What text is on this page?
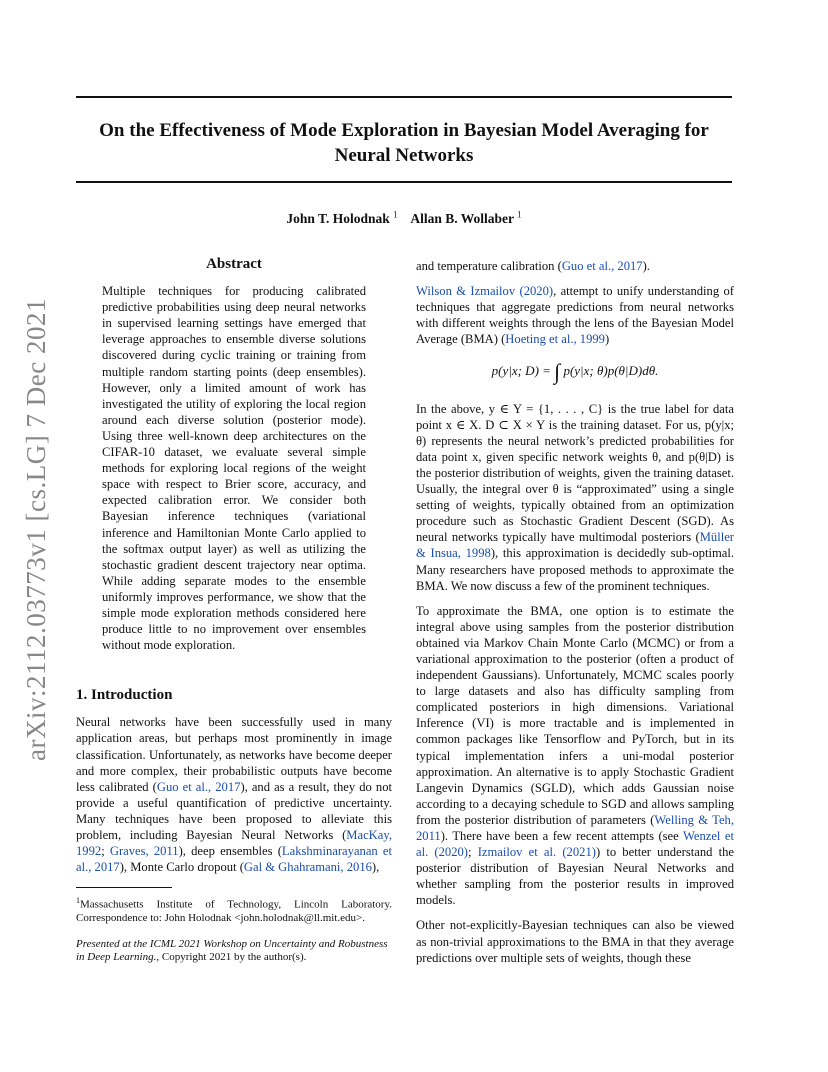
arXiv:2112.03773v1 [cs.LG] 7 Dec 2021
On the Effectiveness of Mode Exploration in Bayesian Model Averaging for Neural Networks
John T. Holodnak $^1$ Allan B. Wollaber $^1$
Abstract

Multiple techniques for producing calibrated predictive probabilities using deep neural networks in supervised learning settings have emerged that leverage approaches to ensemble diverse solutions discovered during cyclic training or training from multiple random starting points (deep ensembles). However, only a limited amount of work has investigated the utility of exploring the local region around each diverse solution (posterior mode). Using three well-known deep architectures on the CIFAR-10 dataset, we evaluate several simple methods for exploring local regions of the weight space with respect to Brier score, accuracy, and expected calibration error. We consider both Bayesian inference techniques (variational inference and Hamiltonian Monte Carlo applied to the softmax output layer) as well as utilizing the stochastic gradient descent trajectory near optima. While adding separate modes to the ensemble uniformly improves performance, we show that the simple mode exploration methods considered here produce little to no improvement over ensembles without mode exploration.

1. Introduction

Neural networks have been successfully used in many application areas, but perhaps most prominently in image classification. Unfortunately, as networks have become deeper and more complex, their probabilistic outputs have become less calibrated (Guo et al., 2017), and as a result, they do not provide a useful quantification of predictive uncertainty. Many techniques have been proposed to alleviate this problem, including Bayesian Neural Networks (MacKay, 1992; Graves, 2011), deep ensembles (Lakshminarayanan et al., 2017), Monte Carlo dropout (Gal & Ghahramani, 2016),

$^1$Massachusetts Institute of Technology, Lincoln Laboratory. Correspondence to: John Holodnak <john.holodnak@ll.mit.edu>.
Presented at the ICML 2021 Workshop on Uncertainty and Robustness in Deep Learning., Copyright 2021 by the author(s).

and temperature calibration (Guo et al., 2017).

Wilson & Izmailov (2020), attempt to unify understanding of techniques that aggregate predictions from neural networks with different weights through the lens of the Bayesian Model Average (BMA) (Hoeting et al., 1999)

p(y|x; D) = ∫ p(y|x; θ)p(θ|D)dθ.

In the above, y ∈ Y = {1, . . . , C} is the true label for data point x ∈ X. D ⊂ X × Y is the training dataset. For us, p(y|x; θ) represents the neural network’s predicted probabilities for data point x, given specific network weights θ, and p(θ|D) is the posterior distribution of weights, given the training dataset. Usually, the integral over θ is “approximated” using a single setting of weights, typically obtained from an optimization procedure such as Stochastic Gradient Descent (SGD). As neural networks typically have multimodal posteriors (Müller & Insua, 1998), this approximation is decidedly sub-optimal. Many researchers have proposed methods to approximate the BMA. We now discuss a few of the prominent techniques.

To approximate the BMA, one option is to estimate the integral above using samples from the posterior distribution obtained via Markov Chain Monte Carlo (MCMC) or from a variational approximation to the posterior (often a product of independent Gaussians). Unfortunately, MCMC scales poorly to large datasets and also has difficulty sampling from complicated posteriors in high dimensions. Variational Inference (VI) is more tractable and is implemented in common packages like Tensorflow and PyTorch, but in its typical implementation infers a uni-modal posterior approximation. An alternative is to apply Stochastic Gradient Langevin Dynamics (SGLD), which adds Gaussian noise according to a decaying schedule to SGD and allows sampling from the posterior distribution of parameters (Welling & Teh, 2011). There have been a few recent attempts (see Wenzel et al. (2020); Izmailov et al. (2021)) to better understand the posterior distribution of Bayesian Neural Networks and whether sampling from the posterior results in improved models.

Other not-explicitly-Bayesian techniques can also be viewed as non-trivial approximations to the BMA in that they average predictions over multiple sets of weights, though these
